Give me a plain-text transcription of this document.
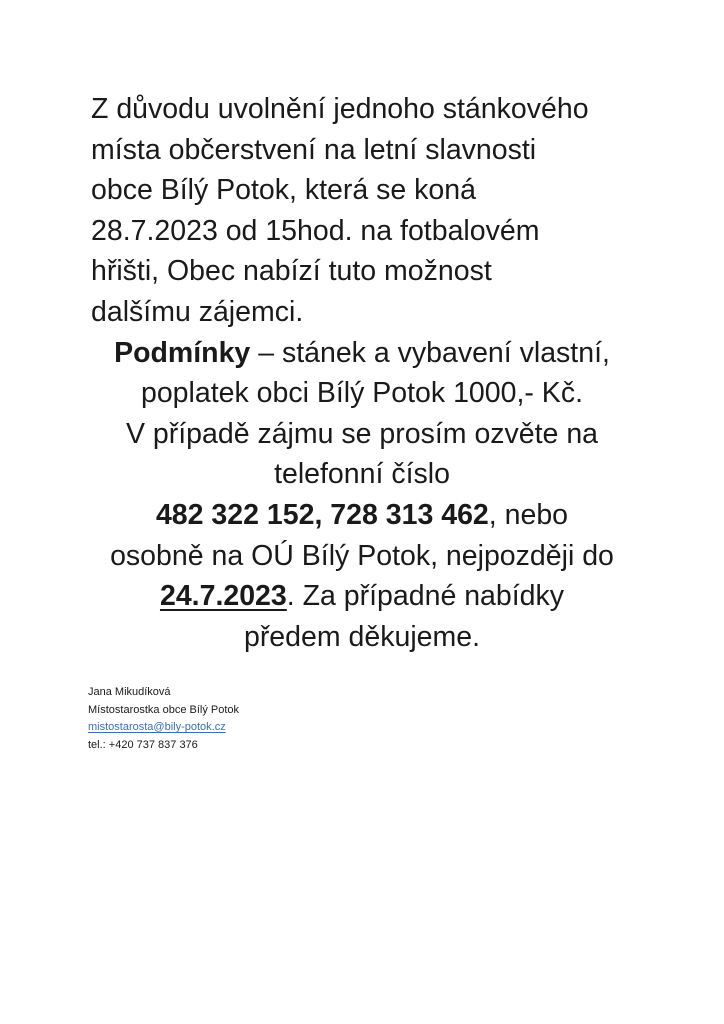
Z důvodu uvolnění jednoho stánkového
místa občerstvení na letní slavnosti
obce Bílý Potok, která se koná
28.7.2023 od 15hod. na fotbalovém
hřišti, Obec nabízí tuto možnost
dalšímu zájemci.
Podmínky – stánek a vybavení vlastní,
poplatek obci Bílý Potok 1000,- Kč.
V případě zájmu se prosím ozvěte na
telefonní číslo
482 322 152, 728 313 462, nebo
osobně na OÚ Bílý Potok, nejpozději do
24.7.2023. Za případné nabídky
předem děkujeme.
Jana Mikudíková
Místostarostka obce Bílý Potok
mistostarosta@bily-potok.cz
tel.: +420 737 837 376
